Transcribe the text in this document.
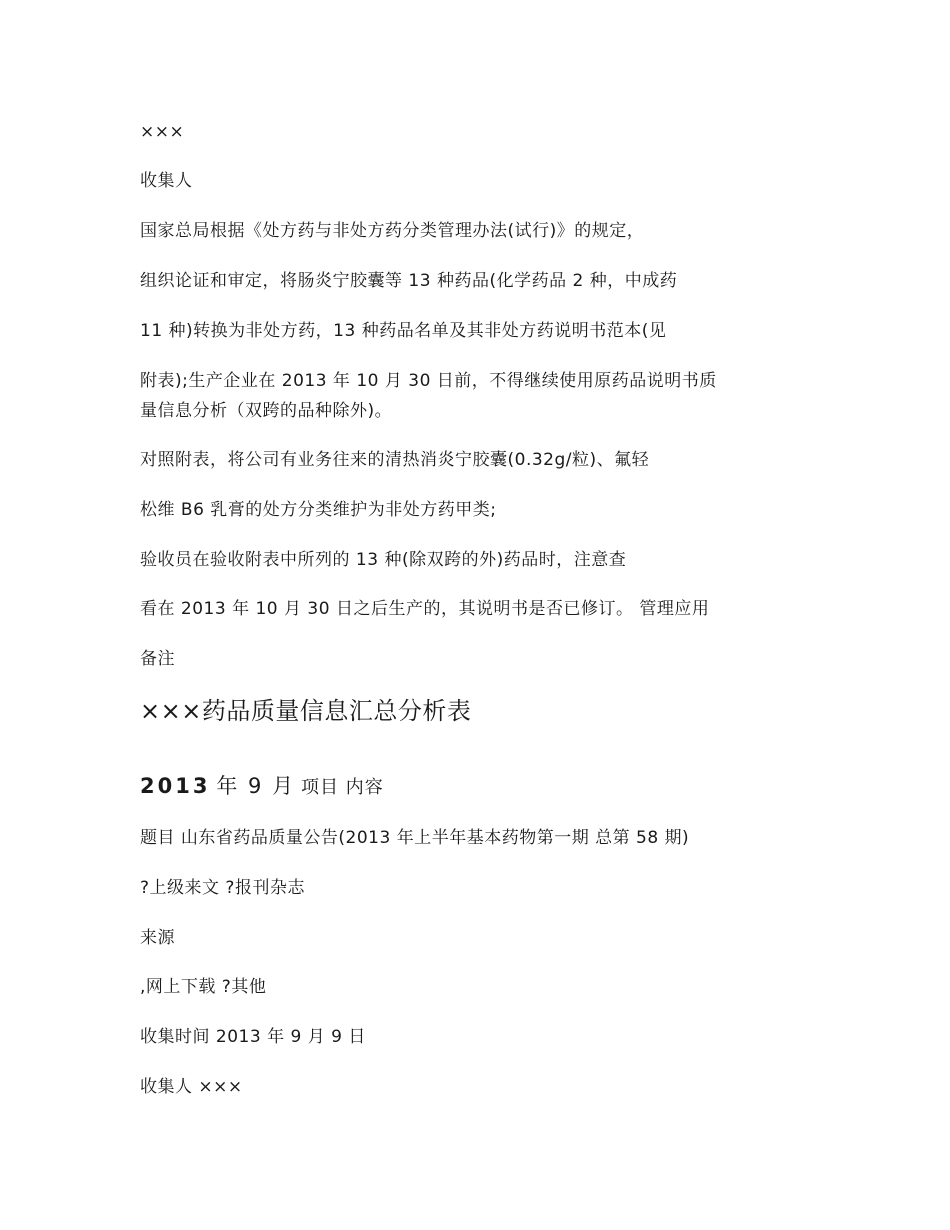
×××
收集人
国家总局根据《处方药与非处方药分类管理办法(试行)》的规定，
组织论证和审定，将肠炎宁胶囊等 13 种药品(化学药品 2 种，中成药
11 种)转换为非处方药，13 种药品名单及其非处方药说明书范本(见
附表);生产企业在 2013 年 10 月 30 日前，不得继续使用原药品说明书质
量信息分析（双跨的品种除外)。
对照附表，将公司有业务往来的清热消炎宁胶囊(0.32g/粒)、氟轻
松维 B6 乳膏的处方分类维护为非处方药甲类;
验收员在验收附表中所列的 13 种(除双跨的外)药品时，注意查
看在 2013 年 10 月 30 日之后生产的，其说明书是否已修订。 管理应用
备注
×××药品质量信息汇总分析表
2013 年 9 月 项目 内容
题目 山东省药品质量公告(2013 年上半年基本药物第一期 总第 58 期)
?上级来文 ?报刊杂志
来源
,网上下载 ?其他
收集时间 2013 年 9 月 9 日
收集人 ×××
